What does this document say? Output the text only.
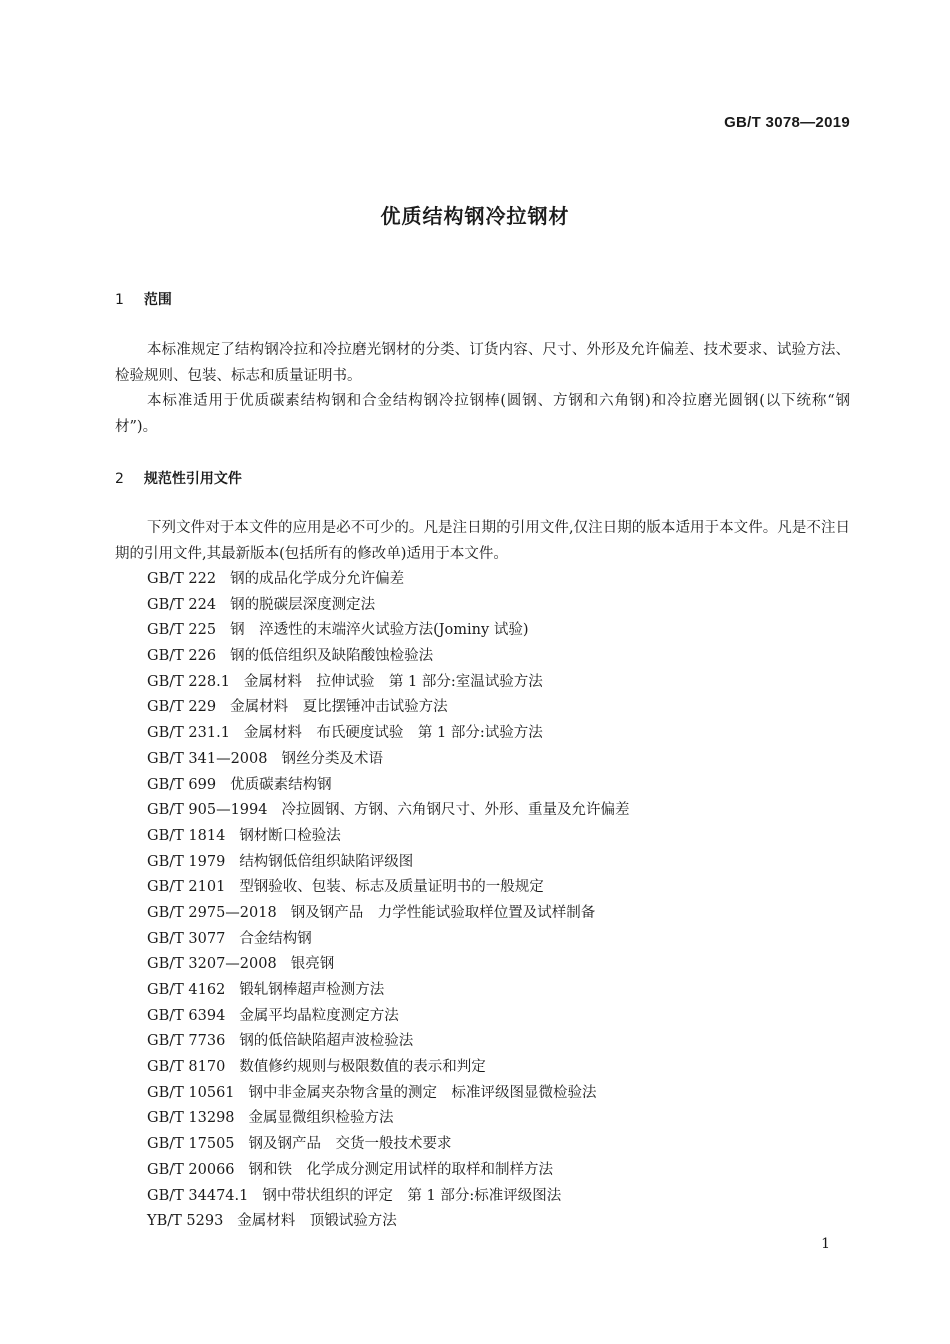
GB/T 3078—2019
优质结构钢冷拉钢材
1 范围
本标准规定了结构钢冷拉和冷拉磨光钢材的分类、订货内容、尺寸、外形及允许偏差、技术要求、试验方法、检验规则、包装、标志和质量证明书。
本标准适用于优质碳素结构钢和合金结构钢冷拉钢棒(圆钢、方钢和六角钢)和冷拉磨光圆钢(以下统称“钢材”)。
2 规范性引用文件
下列文件对于本文件的应用是必不可少的。凡是注日期的引用文件,仅注日期的版本适用于本文件。凡是不注日期的引用文件,其最新版本(包括所有的修改单)适用于本文件。
GB/T 222 钢的成品化学成分允许偏差
GB/T 224 钢的脱碳层深度测定法
GB/T 225 钢　淬透性的末端淬火试验方法(Jominy 试验)
GB/T 226 钢的低倍组织及缺陷酸蚀检验法
GB/T 228.1 金属材料　拉伸试验　第 1 部分:室温试验方法
GB/T 229 金属材料　夏比摆锤冲击试验方法
GB/T 231.1 金属材料　布氏硬度试验　第 1 部分:试验方法
GB/T 341—2008 钢丝分类及术语
GB/T 699 优质碳素结构钢
GB/T 905—1994 冷拉圆钢、方钢、六角钢尺寸、外形、重量及允许偏差
GB/T 1814 钢材断口检验法
GB/T 1979 结构钢低倍组织缺陷评级图
GB/T 2101 型钢验收、包装、标志及质量证明书的一般规定
GB/T 2975—2018 钢及钢产品　力学性能试验取样位置及试样制备
GB/T 3077 合金结构钢
GB/T 3207—2008 银亮钢
GB/T 4162 锻轧钢棒超声检测方法
GB/T 6394 金属平均晶粒度测定方法
GB/T 7736 钢的低倍缺陷超声波检验法
GB/T 8170 数值修约规则与极限数值的表示和判定
GB/T 10561 钢中非金属夹杂物含量的测定　标准评级图显微检验法
GB/T 13298 金属显微组织检验方法
GB/T 17505 钢及钢产品　交货一般技术要求
GB/T 20066 钢和铁　化学成分测定用试样的取样和制样方法
GB/T 34474.1 钢中带状组织的评定　第 1 部分:标准评级图法
YB/T 5293 金属材料　顶锻试验方法
1
